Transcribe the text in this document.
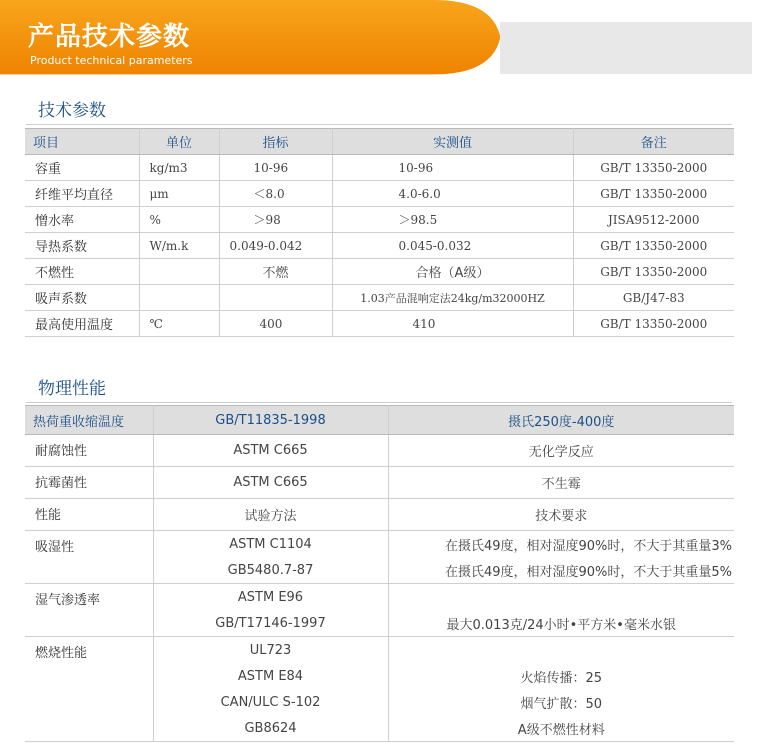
产品技术参数
Product technical parameters
技术参数
项目	单位	指标	实测值	备注
容重	kg/m3	10-96	10-96	GB/T 13350-2000
纤维平均直径	μm	＜8.0	4.0-6.0	GB/T 13350-2000
憎水率	%	＞98	＞98.5	JISA9512-2000
导热系数	W/m.k	0.049-0.042	0.045-0.032	GB/T 13350-2000
不燃性		不燃	合格（A级）	GB/T 13350-2000
吸声系数			1.03产品混响定法24kg/m32000HZ	GB/J47-83
最高使用温度	℃	400	410	GB/T 13350-2000
物理性能
热荷重收缩温度	GB/T11835-1998	摄氏250度-400度
耐腐蚀性	ASTM C665	无化学反应
抗霉菌性	ASTM C665	不生霉
性能	试验方法	技术要求
吸湿性	ASTM C1104	在摄氏49度，相对湿度90%时，不大于其重量3%
	GB5480.7-87	在摄氏49度，相对湿度90%时，不大于其重量5%
湿气渗透率	ASTM E96	
	GB/T17146-1997	最大0.013克/24小时•平方米•毫米水银
燃烧性能	UL723	
	ASTM E84	火焰传播：25
	CAN/ULC S-102	烟气扩散：50
	GB8624	A级不燃性材料
